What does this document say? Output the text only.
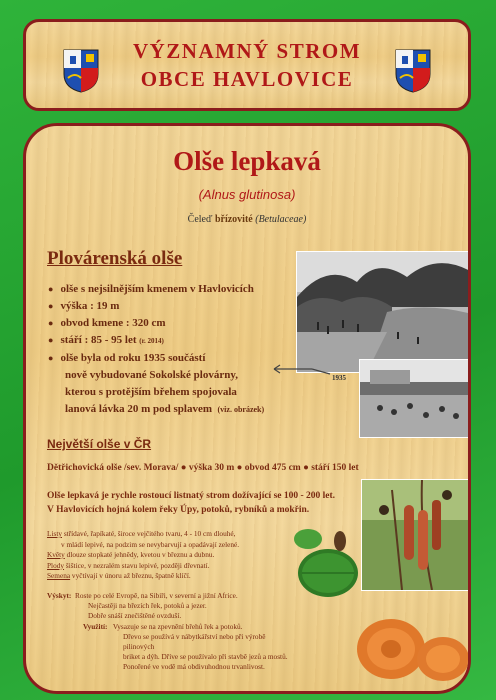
VÝZNAMNÝ STROM
OBCE HAVLOVICE
Olše lepkavá
(Alnus glutinosa)
Čeleď břízovité (Betulaceae)
Plovárenská olše
1935
● olše s nejsilnějším kmenem v Havlovicích
● výška : 19 m
● obvod kmene : 320 cm
● stáří : 85 - 95 let (r. 2014)
● olše byla od roku 1935 součástí
nově vybudované Sokolské plovárny,
kterou s protějším břehem spojovala
lanová lávka 20 m pod splavem (viz. obrázek)
Největší olše v ČR
Dětřichovická olše /sev. Morava/ ● výška 30 m ● obvod 475 cm ● stáří 150 let
Olše lepkavá je rychle rostoucí listnatý strom dožívající se 100 - 200 let.
V Havlovicích hojná kolem řeky Úpy, potoků, rybníků a mokřin.
Listy střídavé, řapíkaté, široce vejčitého tvaru, 4 - 10 cm dlouhé,
v mládí lepivé, na podzim se nevybarvují a opadávají zelené.
Květy dlouze stopkaté jehnědy, kvetou v březnu a dubnu.
Plody šištice, v nezralém stavu lepivé, později dřevnatí.
Semena vyčtívají v únoru až březnu, špatně klíčí.
Výskyt: Roste po celé Evropě, na Sibiři, v severní a jižní Africe.
Nejčastěji na březích řek, potoků a jezer.
Dobře snáší znečištěné ovzduší.
Využití: Vysazuje se na zpevnění břehů řek a potoků.
Dřevo se používá v nábytkářství nebo při výrobě pilinových
briket a dýh. Dříve se používalo při stavbě jezů a mostů.
Ponořené ve vodě má obdivuhodnou trvanlivost.
